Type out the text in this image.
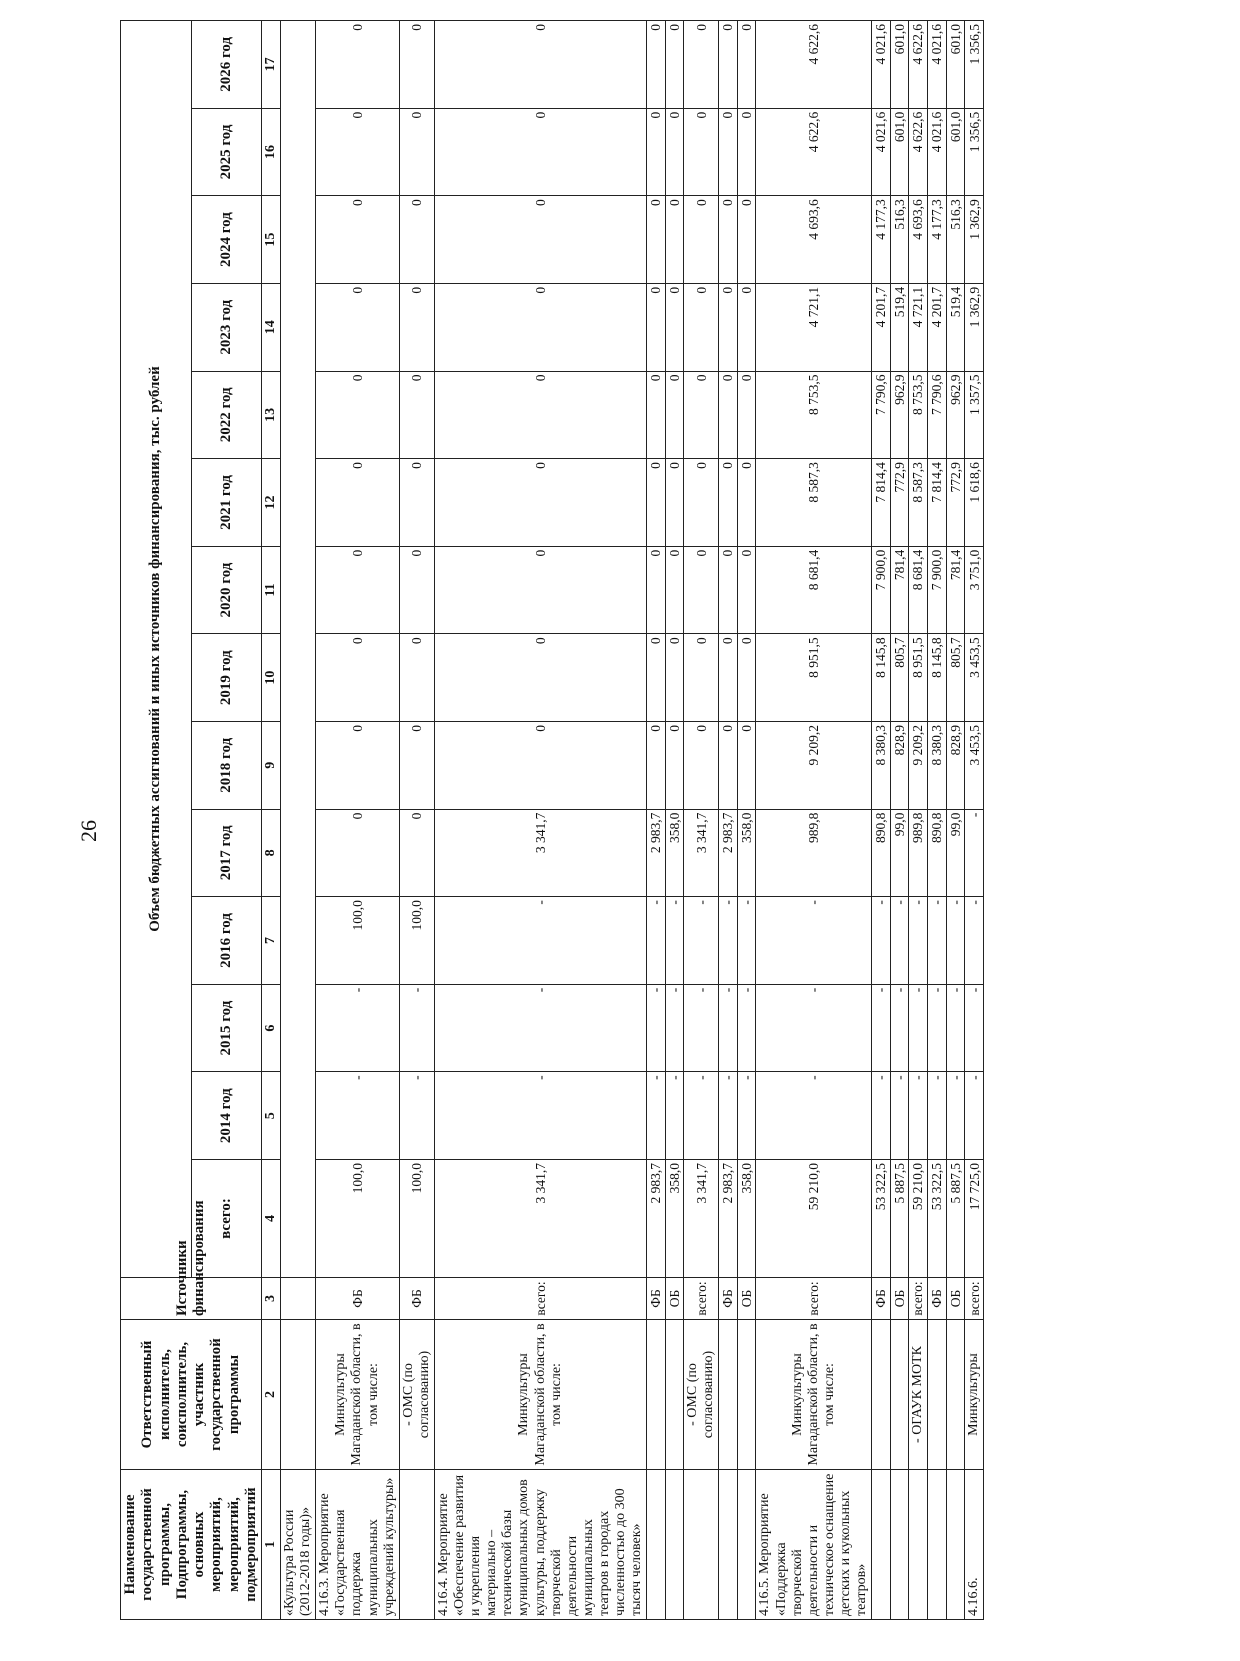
26
Наименование государственной программы, Подпрограммы, основных мероприятий, мероприятий, подмероприятий	Ответственный исполнитель, соисполнитель, участник государственной программы	Источники финансирования	Объем бюджетных ассигнований и иных источников финансирования, тыс. рублей													
			всего:	2014 год	2015 год	2016 год	2017 год	2018 год	2019 год	2020 год	2021 год	2022 год	2023 год	2024 год	2025 год	2026 год
1	2	3	4	5	6	7	8	9	10	11	12	13	14	15	16	17
«Культура России (2012-2018 годы)»																
4.16.3. Мероприятие «Государственная поддержка муниципальных учреждений культуры»	Минкультуры Магаданской области, в том числе:	ФБ	100,0	-	-	100,0	0	0	0	0	0	0	0	0	0	0
	- ОМС (по согласованию)	ФБ	100,0	-	-	100,0	0	0	0	0	0	0	0	0	0	0
4.16.4. Мероприятие «Обеспечение развития и укрепления материально – технической базы муниципальных домов культуры, поддержку творческой деятельности муниципальных театров в городах численностью до 300 тысяч человек»	Минкультуры Магаданской области, в том числе:	всего:	3 341,7	-	-	-	3 341,7	0	0	0	0	0	0	0	0	0
		ФБ	2 983,7	-	-	-	2 983,7	0	0	0	0	0	0	0	0	0
		ОБ	358,0	-	-	-	358,0	0	0	0	0	0	0	0	0	0
	- ОМС (по согласованию)	всего:	3 341,7	-	-	-	3 341,7	0	0	0	0	0	0	0	0	0
		ФБ	2 983,7	-	-	-	2 983,7	0	0	0	0	0	0	0	0	0
		ОБ	358,0	-	-	-	358,0	0	0	0	0	0	0	0	0	0
4.16.5. Мероприятие «Поддержка творческой деятельности и техническое оснащение детских и кукольных театров»	Минкультуры Магаданской области, в том числе:	всего:	59 210,0	-	-	-	989,8	9 209,2	8 951,5	8 681,4	8 587,3	8 753,5	4 721,1	4 693,6	4 622,6	4 622,6
		ФБ	53 322,5	-	-	-	890,8	8 380,3	8 145,8	7 900,0	7 814,4	7 790,6	4 201,7	4 177,3	4 021,6	4 021,6
		ОБ	5 887,5	-	-	-	99,0	828,9	805,7	781,4	772,9	962,9	519,4	516,3	601,0	601,0
	- ОГАУК МОТК	всего:	59 210,0	-	-	-	989,8	9 209,2	8 951,5	8 681,4	8 587,3	8 753,5	4 721,1	4 693,6	4 622,6	4 622,6
		ФБ	53 322,5	-	-	-	890,8	8 380,3	8 145,8	7 900,0	7 814,4	7 790,6	4 201,7	4 177,3	4 021,6	4 021,6
		ОБ	5 887,5	-	-	-	99,0	828,9	805,7	781,4	772,9	962,9	519,4	516,3	601,0	601,0
4.16.6.	Минкультуры	всего:	17 725,0	-	-	-	-	3 453,5	3 453,5	3 751,0	1 618,6	1 357,5	1 362,9	1 362,9	1 356,5	1 356,5
